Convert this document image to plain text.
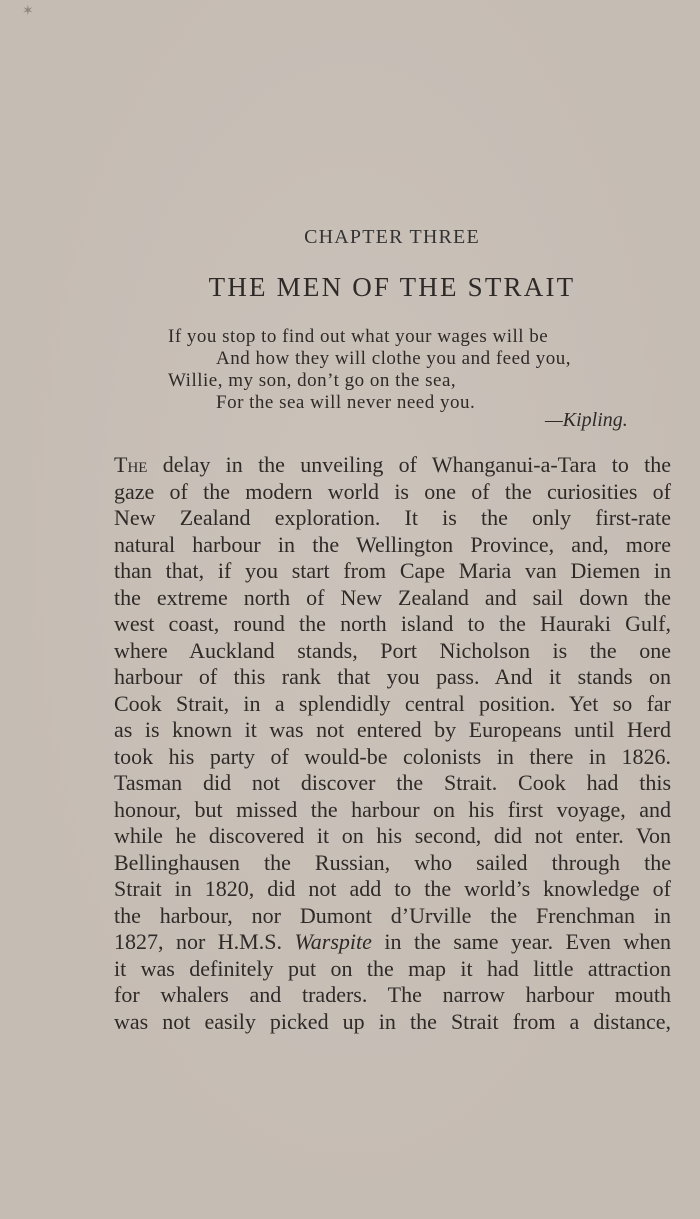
✶
CHAPTER THREE
THE MEN OF THE STRAIT
If you stop to find out what your wages will be
And how they will clothe you and feed you,
Willie, my son, don’t go on the sea,
For the sea will never need you.
—Kipling.
The delay in the unveiling of Whanganui-a-Tara to the
gaze of the modern world is one of the curiosities of
New Zealand exploration. It is the only first-rate
natural harbour in the Wellington Province, and, more
than that, if you start from Cape Maria van Diemen in
the extreme north of New Zealand and sail down the
west coast, round the north island to the Hauraki Gulf,
where Auckland stands, Port Nicholson is the one
harbour of this rank that you pass. And it stands on
Cook Strait, in a splendidly central position. Yet so far
as is known it was not entered by Europeans until Herd
took his party of would-be colonists in there in 1826.
Tasman did not discover the Strait. Cook had this
honour, but missed the harbour on his first voyage, and
while he discovered it on his second, did not enter. Von
Bellinghausen the Russian, who sailed through the
Strait in 1820, did not add to the world’s knowledge of
the harbour, nor Dumont d’Urville the Frenchman in
1827, nor H.M.S. Warspite in the same year. Even when
it was definitely put on the map it had little attraction
for whalers and traders. The narrow harbour mouth
was not easily picked up in the Strait from a distance,
